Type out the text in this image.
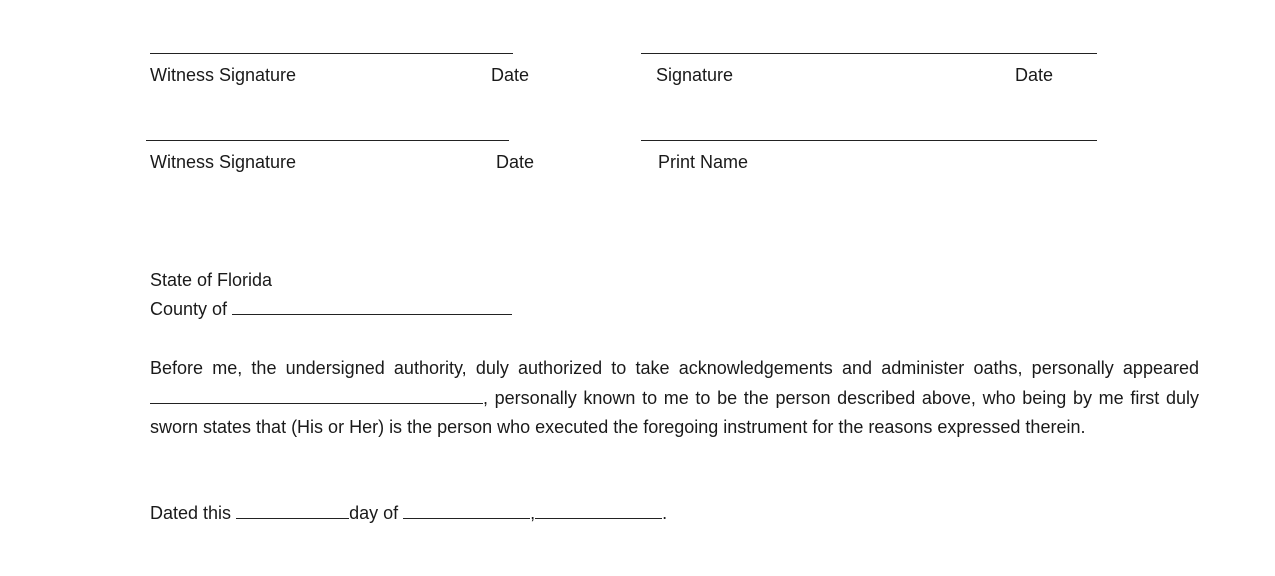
Witness Signature	Date	Signature	Date
Witness Signature	Date	Print Name
State of Florida
County of
Before me, the undersigned authority, duly authorized to take acknowledgements and administer oaths, personally appeared , personally known to me to be the person described above, who being by me first duly sworn states that (His or Her) is the person who executed the foregoing instrument for the reasons expressed therein.
Dated this	day of	,	.
